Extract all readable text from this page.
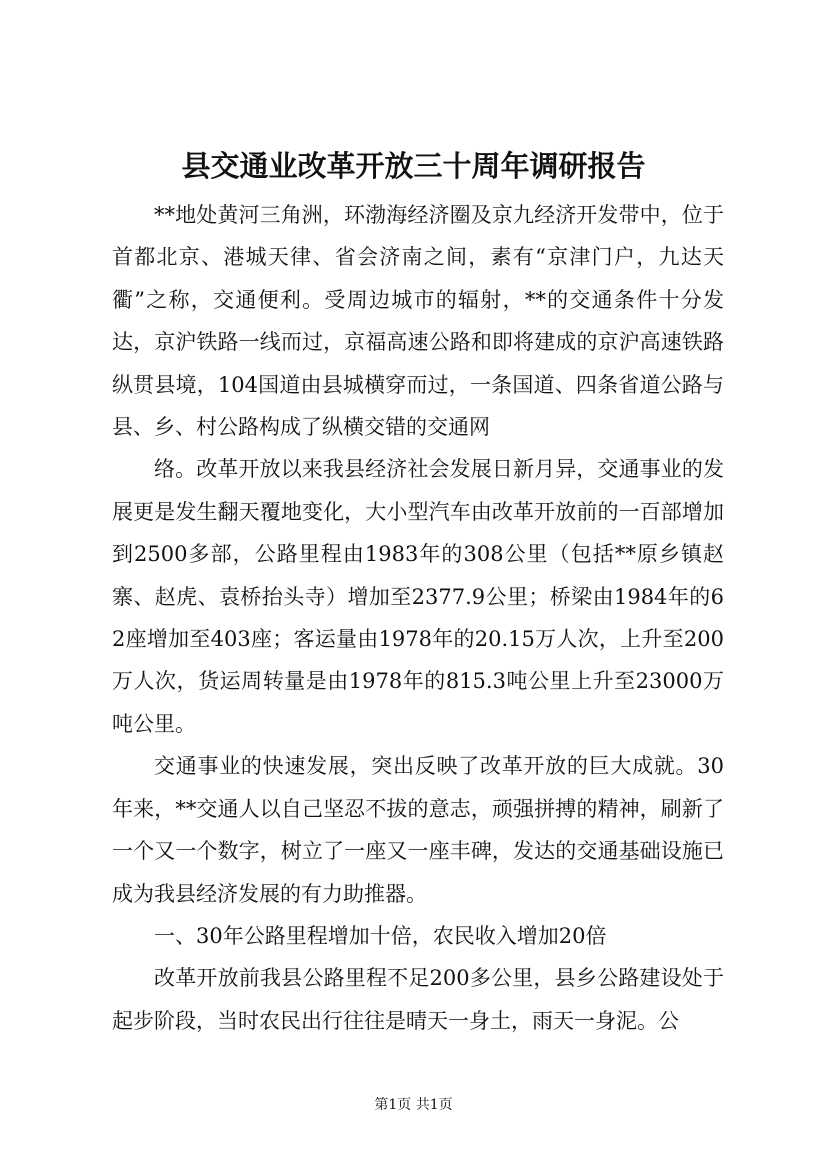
县交通业改革开放三十周年调研报告

**地处黄河三角洲，环渤海经济圈及京九经济开发带中，位于首都北京、港城天律、省会济南之间，素有“京津门户，九达天衢”之称，交通便利。受周边城市的辐射，**的交通条件十分发达，京沪铁路一线而过，京福高速公路和即将建成的京沪高速铁路纵贯县境，104国道由县城横穿而过，一条国道、四条省道公路与县、乡、村公路构成了纵横交错的交通网

络。改革开放以来我县经济社会发展日新月异，交通事业的发展更是发生翻天覆地变化，大小型汽车由改革开放前的一百部增加到2500多部，公路里程由1983年的308公里（包括**原乡镇赵寨、赵虎、袁桥抬头寺）增加至2377.9公里；桥梁由1984年的62座增加至403座；客运量由1978年的20.15万人次，上升至200万人次，货运周转量是由1978年的815.3吨公里上升至23000万吨公里。

交通事业的快速发展，突出反映了改革开放的巨大成就。30年来，**交通人以自己坚忍不拔的意志，顽强拼搏的精神，刷新了一个又一个数字，树立了一座又一座丰碑，发达的交通基础设施已成为我县经济发展的有力助推器。

一、30年公路里程增加十倍，农民收入增加20倍

改革开放前我县公路里程不足200多公里，县乡公路建设处于起步阶段，当时农民出行往往是晴天一身土，雨天一身泥。公

第1页 共1页
